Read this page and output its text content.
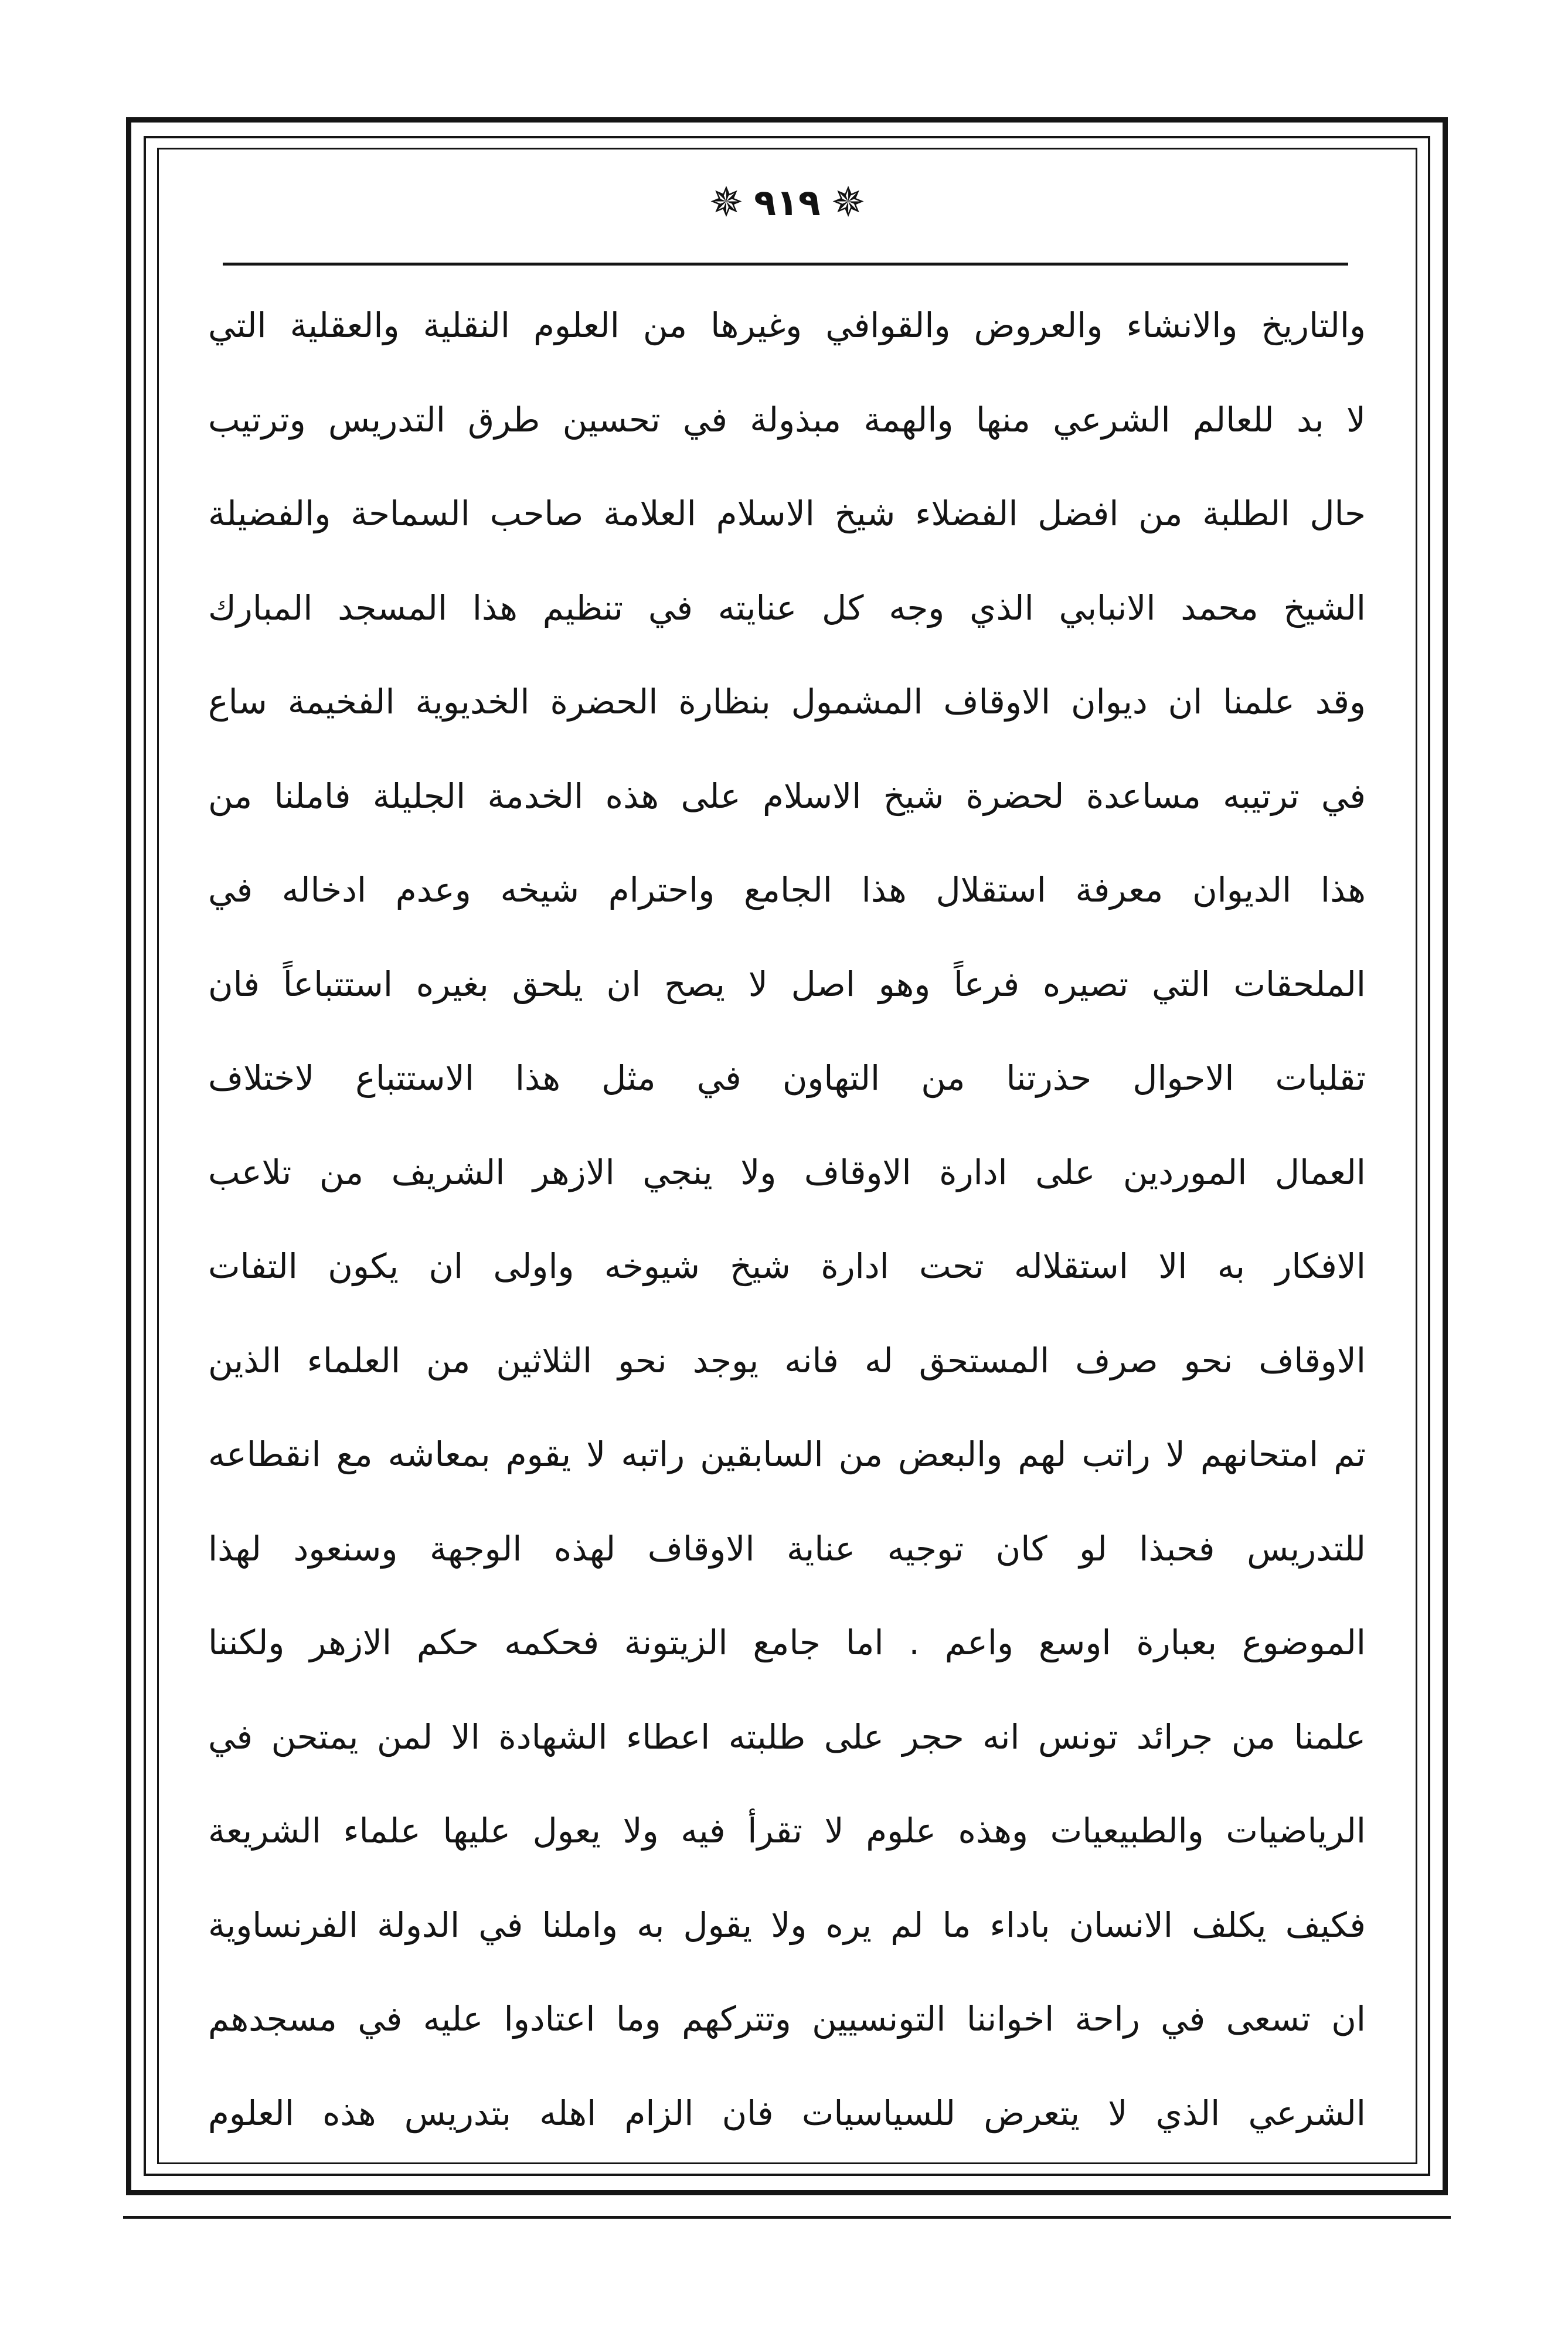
✵ ٩١٩ ✵
والتاريخ والانشاء والعروض والقوافي وغيرها من العلوم النقلية والعقلية التي
لا بد للعالم الشرعي منها والهمة مبذولة في تحسين طرق التدريس وترتيب
حال الطلبة من افضل الفضلاء شيخ الاسلام العلامة صاحب السماحة والفضيلة
الشيخ محمد الانبابي الذي وجه كل عنايته في تنظيم هذا المسجد المبارك
وقد علمنا ان ديوان الاوقاف المشمول بنظارة الحضرة الخديوية الفخيمة ساع
في ترتيبه مساعدة لحضرة شيخ الاسلام على هذه الخدمة الجليلة فاملنا من
هذا الديوان معرفة استقلال هذا الجامع واحترام شيخه وعدم ادخاله في
الملحقات التي تصيره فرعاً وهو اصل لا يصح ان يلحق بغيره استتباعاً فان
تقلبات الاحوال حذرتنا من التهاون في مثل هذا الاستتباع لاختلاف
العمال الموردين على ادارة الاوقاف ولا ينجي الازهر الشريف من تلاعب
الافكار به الا استقلاله تحت ادارة شيخ شيوخه واولى ان يكون التفات
الاوقاف نحو صرف المستحق له فانه يوجد نحو الثلاثين من العلماء الذين
تم امتحانهم لا راتب لهم والبعض من السابقين راتبه لا يقوم بمعاشه مع انقطاعه
للتدريس فحبذا لو كان توجيه عناية الاوقاف لهذه الوجهة وسنعود لهذا
الموضوع بعبارة اوسع واعم . اما جامع الزيتونة فحكمه حكم الازهر ولكننا
علمنا من جرائد تونس انه حجر على طلبته اعطاء الشهادة الا لمن يمتحن في
الرياضيات والطبيعيات وهذه علوم لا تقرأ فيه ولا يعول عليها علماء الشريعة
فكيف يكلف الانسان باداء ما لم يره ولا يقول به واملنا في الدولة الفرنساوية
ان تسعى في راحة اخواننا التونسيين وتتركهم وما اعتادوا عليه في مسجدهم
الشرعي الذي لا يتعرض للسياسيات فان الزام اهله بتدريس هذه العلوم
